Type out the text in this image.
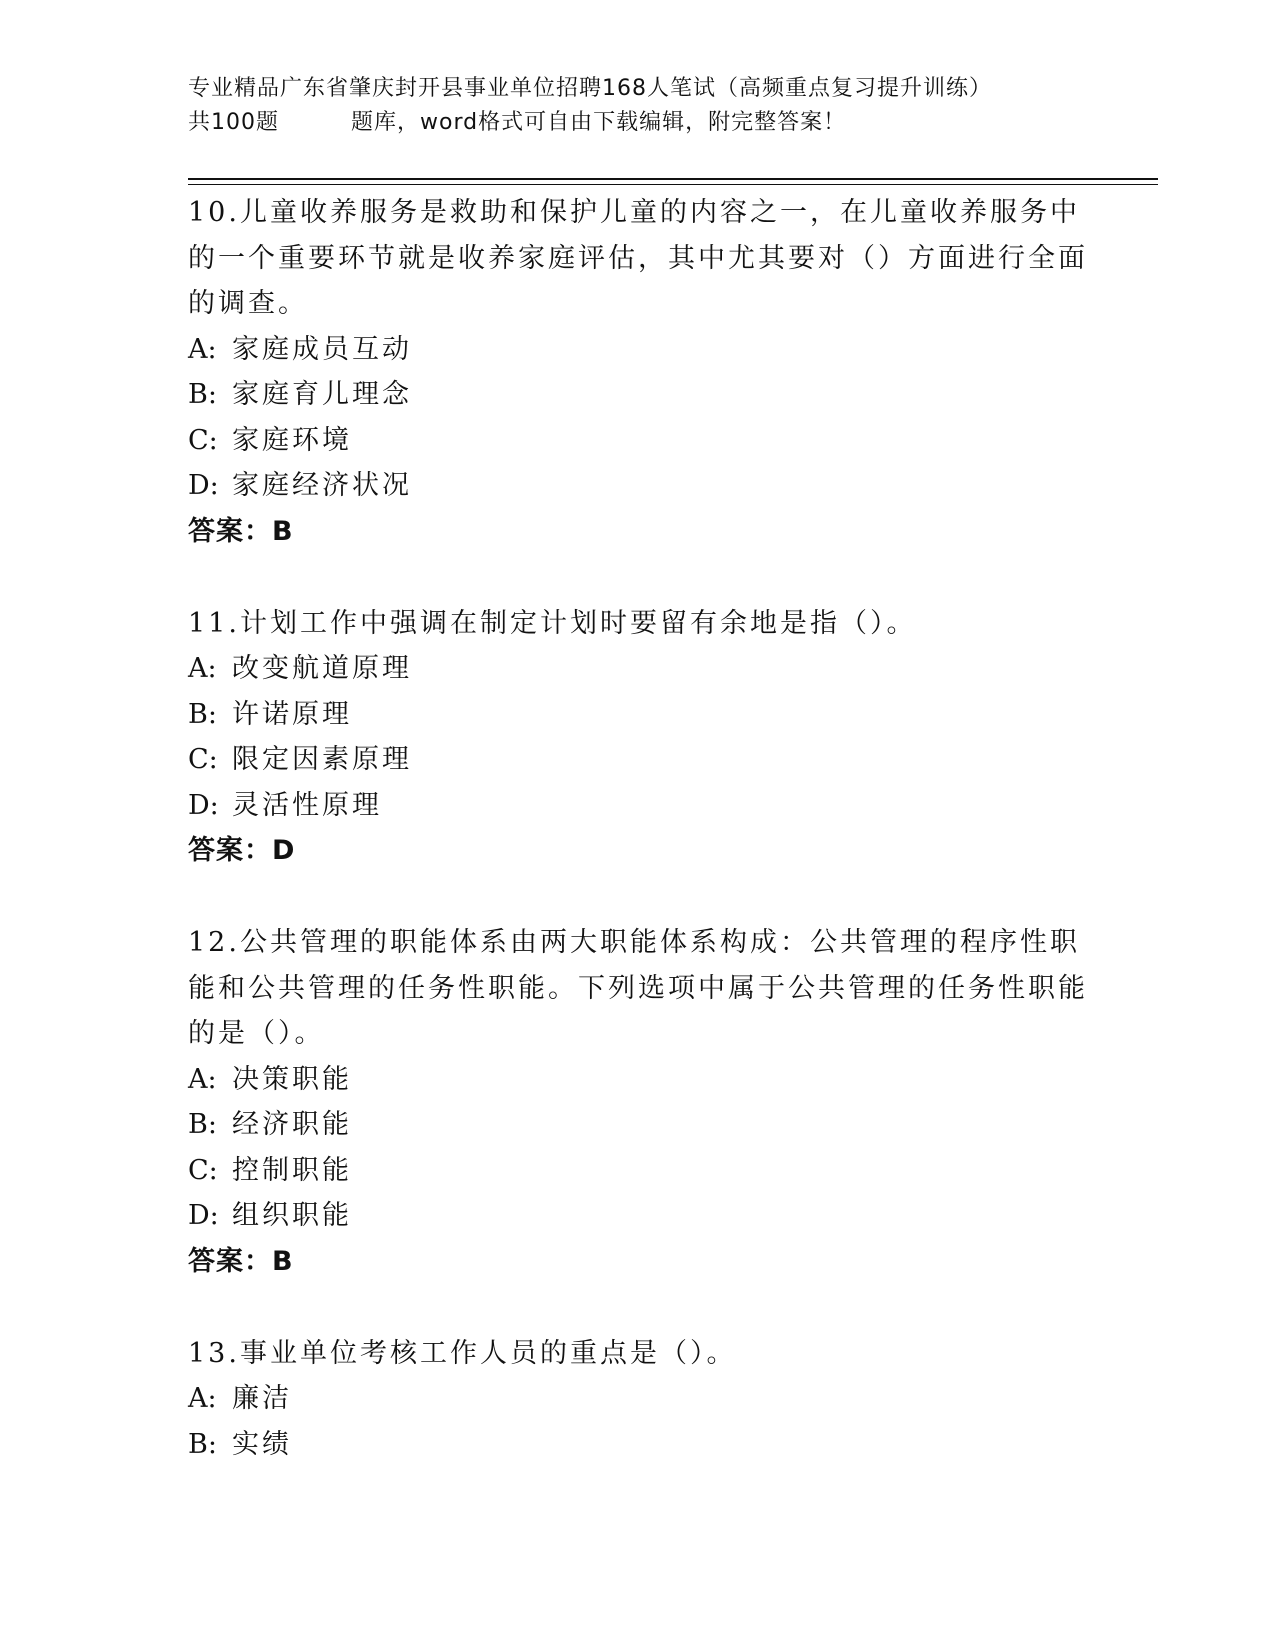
专业精品广东省肇庆封开县事业单位招聘168人笔试（高频重点复习提升训练）
共100题	题库，word格式可自由下载编辑，附完整答案！
10.儿童收养服务是救助和保护儿童的内容之一，在儿童收养服务中的一个重要环节就是收养家庭评估，其中尤其要对（）方面进行全面的调查。
A: 家庭成员互动
B: 家庭育儿理念
C: 家庭环境
D: 家庭经济状况
答案：B
11.计划工作中强调在制定计划时要留有余地是指（）。
A: 改变航道原理
B: 许诺原理
C: 限定因素原理
D: 灵活性原理
答案：D
12.公共管理的职能体系由两大职能体系构成：公共管理的程序性职能和公共管理的任务性职能。下列选项中属于公共管理的任务性职能的是（）。
A: 决策职能
B: 经济职能
C: 控制职能
D: 组织职能
答案：B
13.事业单位考核工作人员的重点是（）。
A: 廉洁
B: 实绩
